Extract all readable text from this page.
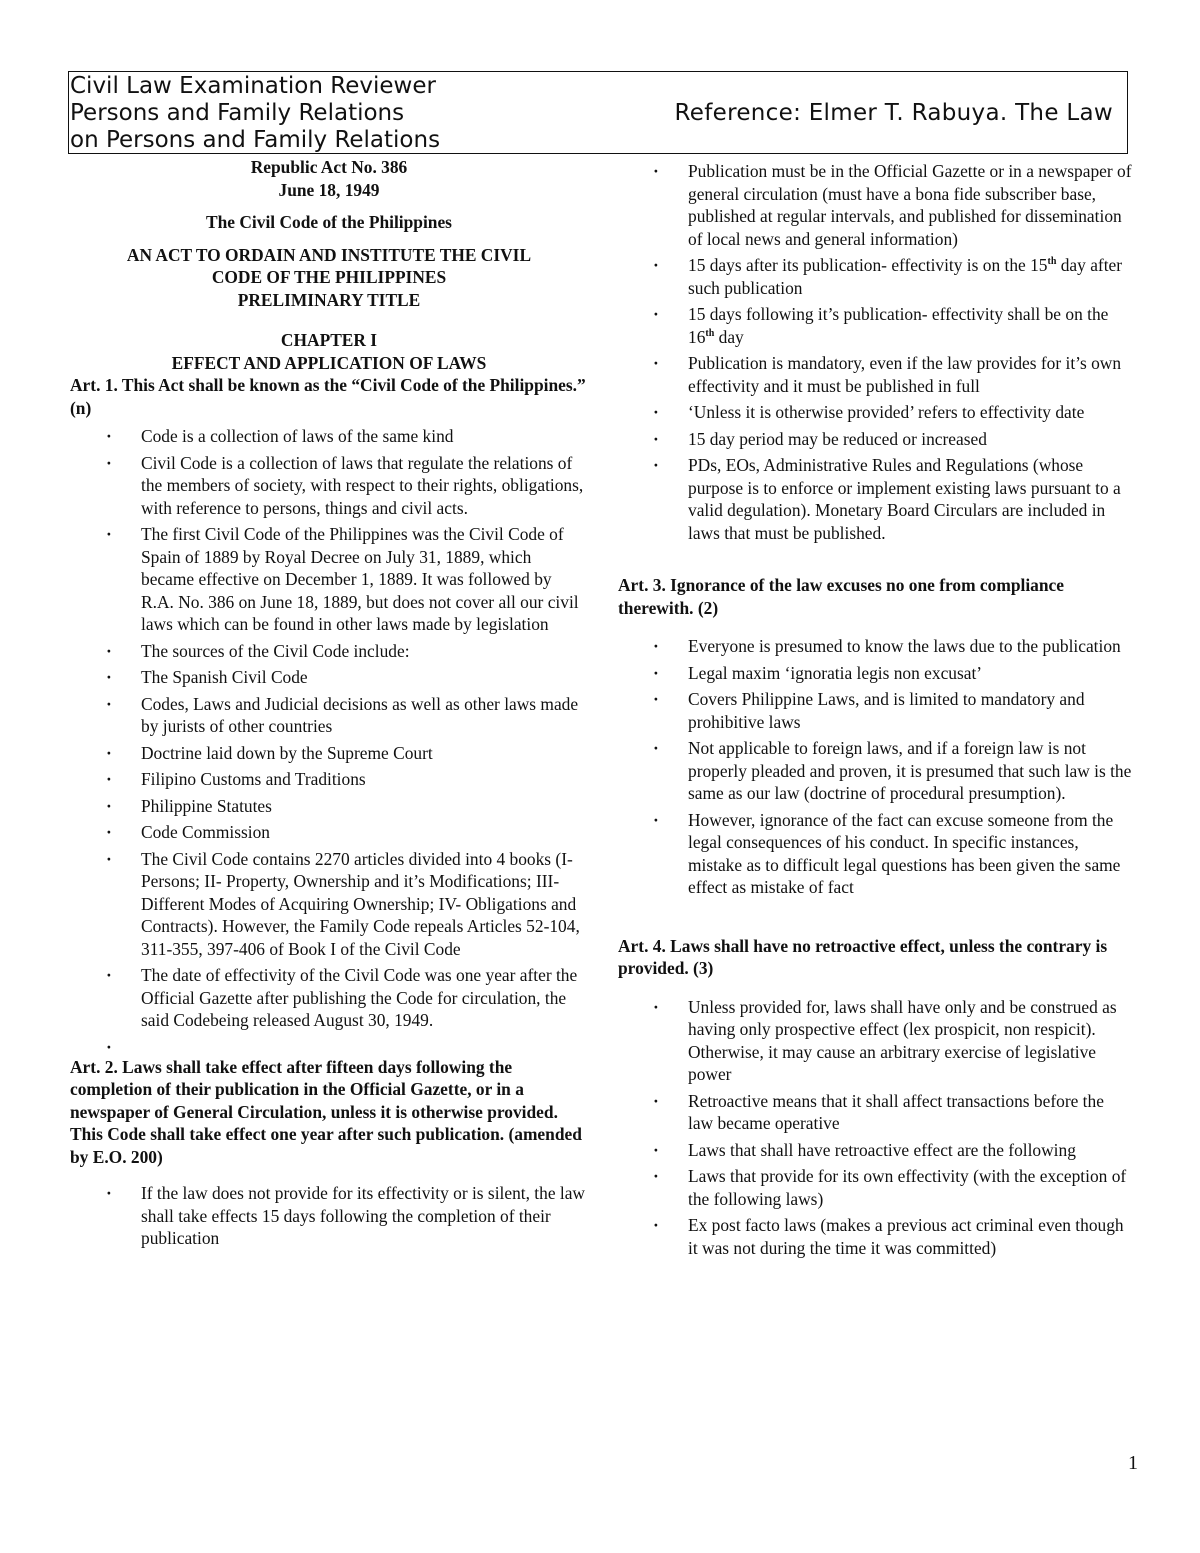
Civil Law Examination Reviewer
Persons and Family Relations	Reference: Elmer T. Rabuya. The Law
on Persons and Family Relations
Republic Act No. 386
June 18, 1949
The Civil Code of the Philippines
AN ACT TO ORDAIN AND INSTITUTE THE CIVIL
CODE OF THE PHILIPPINES
PRELIMINARY TITLE
CHAPTER I
EFFECT AND APPLICATION OF LAWS

Art. 1. This Act shall be known as the “Civil Code of the Philippines.” (n)

· Code is a collection of laws of the same kind
· Civil Code is a collection of laws that regulate the relations of the members of society, with respect to their rights, obligations, with reference to persons, things and civil acts.
· The first Civil Code of the Philippines was the Civil Code of Spain of 1889 by Royal Decree on July 31, 1889, which became effective on December 1, 1889. It was followed by R.A. No. 386 on June 18, 1889, but does not cover all our civil laws which can be found in other laws made by legislation
· The sources of the Civil Code include:
· The Spanish Civil Code
· Codes, Laws and Judicial decisions as well as other laws made by jurists of other countries
· Doctrine laid down by the Supreme Court
· Filipino Customs and Traditions
· Philippine Statutes
· Code Commission
· The Civil Code contains 2270 articles divided into 4 books (I-Persons; II- Property, Ownership and it’s Modifications; III- Different Modes of Acquiring Ownership; IV- Obligations and Contracts). However, the Family Code repeals Articles 52-104, 311-355, 397-406 of Book I of the Civil Code
· The date of effectivity of the Civil Code was one year after the Official Gazette after publishing the Code for circulation, the said Codebeing released August 30, 1949.
·

Art. 2. Laws shall take effect after fifteen days following the completion of their publication in the Official Gazette, or in a newspaper of General Circulation, unless it is otherwise provided. This Code shall take effect one year after such publication. (amended by E.O. 200)

· If the law does not provide for its effectivity or is silent, the law shall take effects 15 days following the completion of their publication
· Publication must be in the Official Gazette or in a newspaper of general circulation (must have a bona fide subscriber base, published at regular intervals, and published for dissemination of local news and general information)
· 15 days after its publication- effectivity is on the 15th day after such publication
· 15 days following it’s publication- effectivity shall be on the 16th day
· Publication is mandatory, even if the law provides for it’s own effectivity and it must be published in full
· ‘Unless it is otherwise provided’ refers to effectivity date
· 15 day period may be reduced or increased
· PDs, EOs, Administrative Rules and Regulations (whose purpose is to enforce or implement existing laws pursuant to a valid degulation). Monetary Board Circulars are included in laws that must be published.

Art. 3. Ignorance of the law excuses no one from compliance therewith. (2)

· Everyone is presumed to know the laws due to the publication
· Legal maxim ‘ignoratia legis non excusat’
· Covers Philippine Laws, and is limited to mandatory and prohibitive laws
· Not applicable to foreign laws, and if a foreign law is not properly pleaded and proven, it is presumed that such law is the same as our law (doctrine of procedural presumption).
· However, ignorance of the fact can excuse someone from the legal consequences of his conduct. In specific instances, mistake as to difficult legal questions has been given the same effect as mistake of fact

Art. 4. Laws shall have no retroactive effect, unless the contrary is provided. (3)

· Unless provided for, laws shall have only and be construed as having only prospective effect (lex prospicit, non respicit). Otherwise, it may cause an arbitrary exercise of legislative power
· Retroactive means that it shall affect transactions before the law became operative
· Laws that shall have retroactive effect are the following
· Laws that provide for its own effectivity (with the exception of the following laws)
· Ex post facto laws (makes a previous act criminal even though it was not during the time it was committed)
1
